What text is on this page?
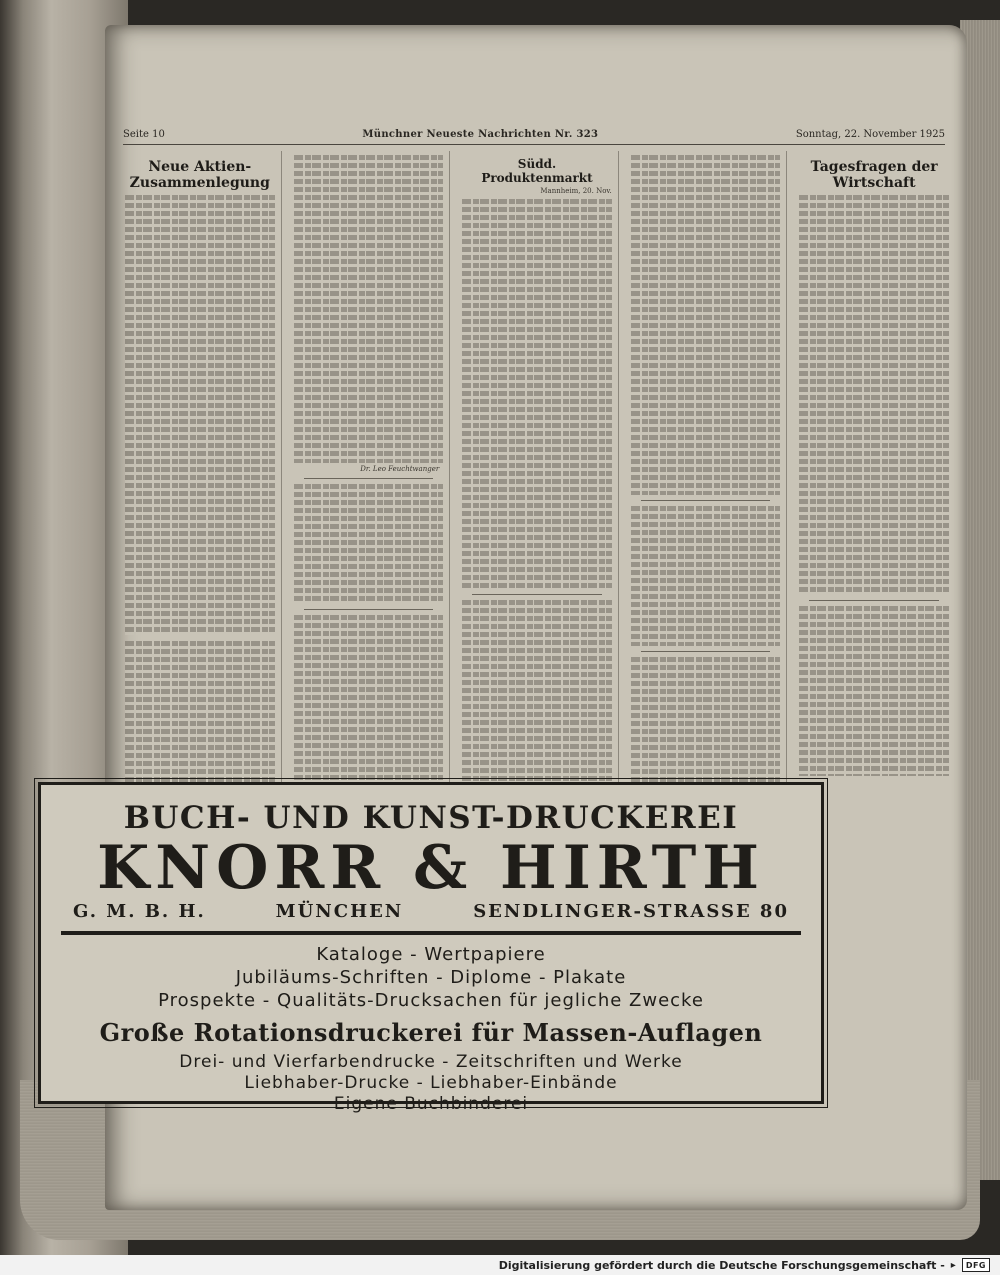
Seite 10	Münchner Neueste Nachrichten Nr. 323	Sonntag, 22. November 1925
Neue Aktien-Zusammenlegung
Dr. Leo Feuchtwanger
Südd. Produktenmarkt
Mannheim, 20. Nov.
Tagesfragen der Wirtschaft
BUCH- UND KUNST-DRUCKEREI
KNORR & HIRTH
G. M. B. H.	MÜNCHEN	SENDLINGER-STRASSE 80
Kataloge - Wertpapiere
Jubiläums-Schriften - Diplome - Plakate
Prospekte - Qualitäts-Drucksachen für jegliche Zwecke
Große Rotationsdruckerei für Massen-Auflagen
Drei- und Vierfarbendrucke - Zeitschriften und Werke
Liebhaber-Drucke - Liebhaber-Einbände
Eigene Buchbinderei
Digitalisierung gefördert durch die Deutsche Forschungsgemeinschaft - ▸	DFG
